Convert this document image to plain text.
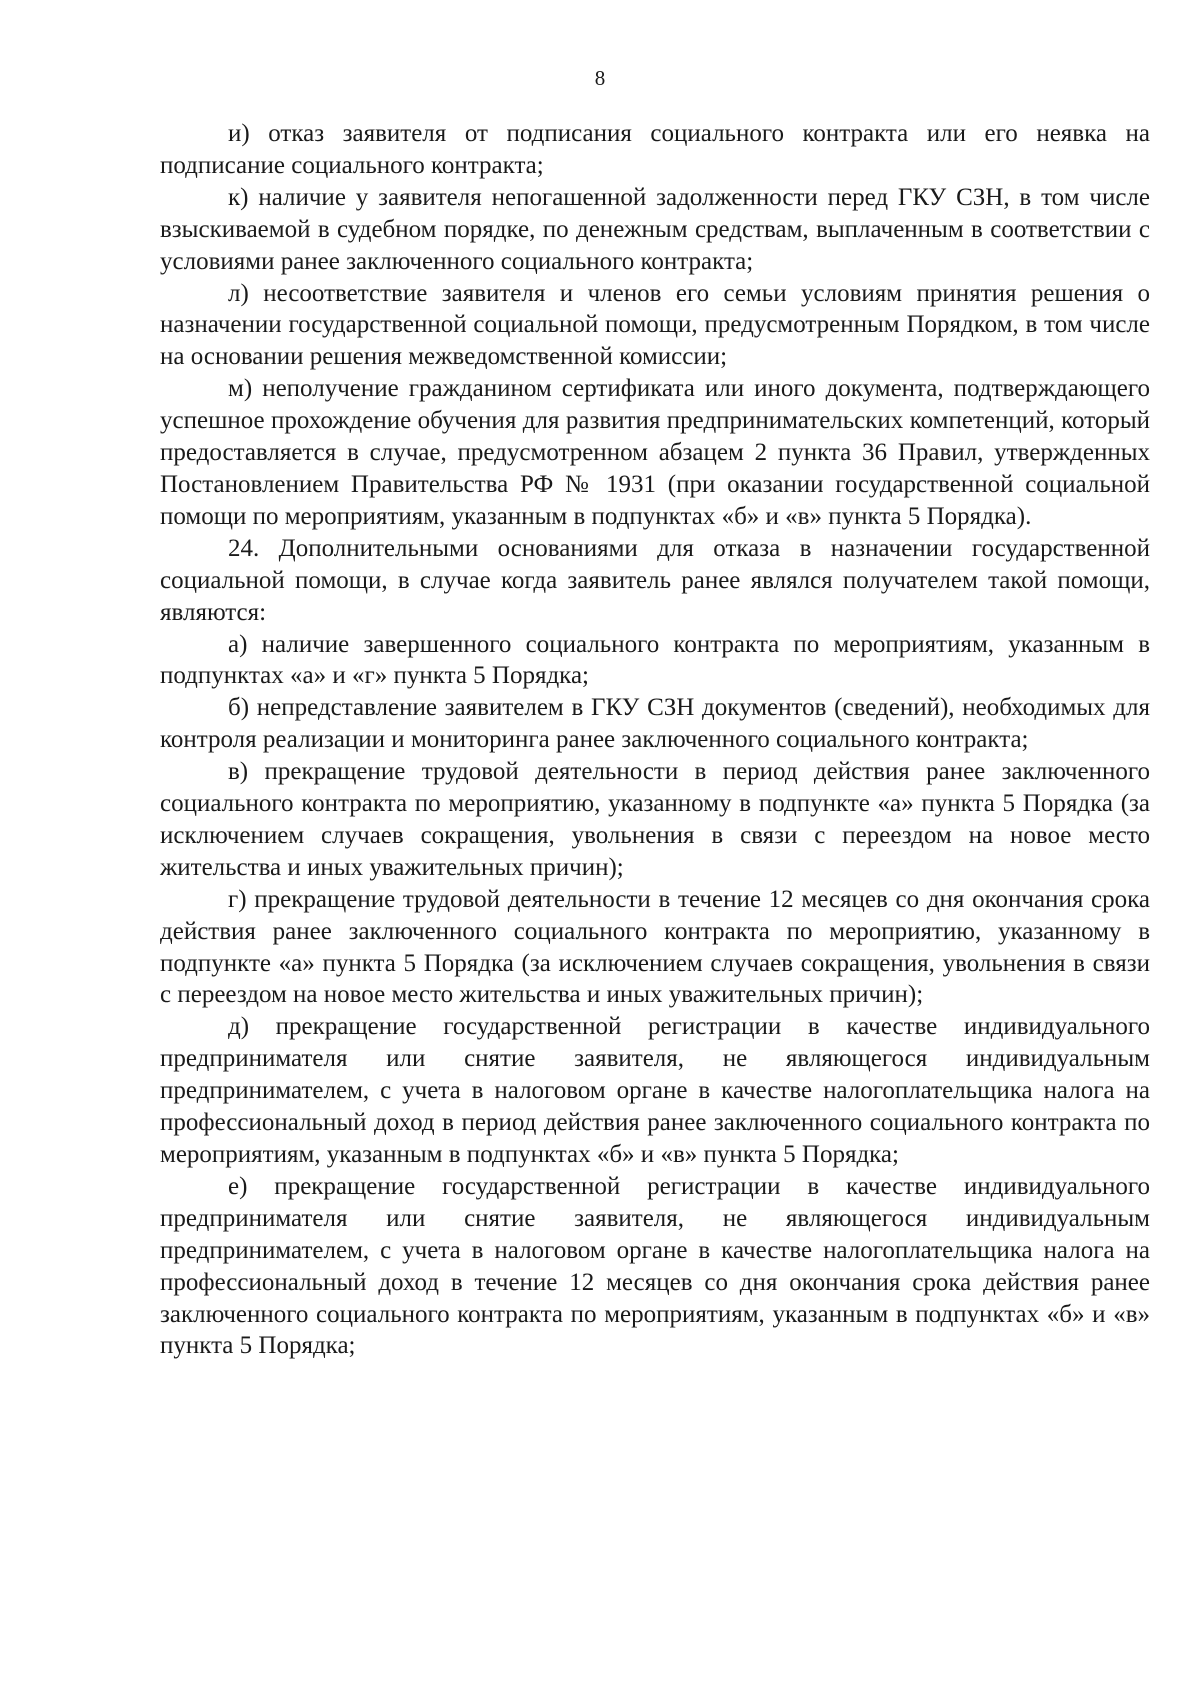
8

и) отказ заявителя от подписания социального контракта или его неявка на подписание социального контракта;

к) наличие у заявителя непогашенной задолженности перед ГКУ СЗН, в том числе взыскиваемой в судебном порядке, по денежным средствам, выплаченным в соответствии с условиями ранее заключенного социального контракта;

л) несоответствие заявителя и членов его семьи условиям принятия решения о назначении государственной социальной помощи, предусмотренным Порядком, в том числе на основании решения межведомственной комиссии;

м) неполучение гражданином сертификата или иного документа, подтверждающего успешное прохождение обучения для развития предпринимательских компетенций, который предоставляется в случае, предусмотренном абзацем 2 пункта 36 Правил, утвержденных Постановлением Правительства РФ № 1931 (при оказании государственной социальной помощи по мероприятиям, указанным в подпунктах «б» и «в» пункта 5 Порядка).

24. Дополнительными основаниями для отказа в назначении государственной социальной помощи, в случае когда заявитель ранее являлся получателем такой помощи, являются:

а) наличие завершенного социального контракта по мероприятиям, указанным в подпунктах «а» и «г» пункта 5 Порядка;

б) непредставление заявителем в ГКУ СЗН документов (сведений), необходимых для контроля реализации и мониторинга ранее заключенного социального контракта;

в) прекращение трудовой деятельности в период действия ранее заключенного социального контракта по мероприятию, указанному в подпункте «а» пункта 5 Порядка (за исключением случаев сокращения, увольнения в связи с переездом на новое место жительства и иных уважительных причин);

г) прекращение трудовой деятельности в течение 12 месяцев со дня окончания срока действия ранее заключенного социального контракта по мероприятию, указанному в подпункте «а» пункта 5 Порядка (за исключением случаев сокращения, увольнения в связи с переездом на новое место жительства и иных уважительных причин);

д) прекращение государственной регистрации в качестве индивидуального предпринимателя или снятие заявителя, не являющегося индивидуальным предпринимателем, с учета в налоговом органе в качестве налогоплательщика налога на профессиональный доход в период действия ранее заключенного социального контракта по мероприятиям, указанным в подпунктах «б» и «в» пункта 5 Порядка;

е) прекращение государственной регистрации в качестве индивидуального предпринимателя или снятие заявителя, не являющегося индивидуальным предпринимателем, с учета в налоговом органе в качестве налогоплательщика налога на профессиональный доход в течение 12 месяцев со дня окончания срока действия ранее заключенного социального контракта по мероприятиям, указанным в подпунктах «б» и «в» пункта 5 Порядка;
